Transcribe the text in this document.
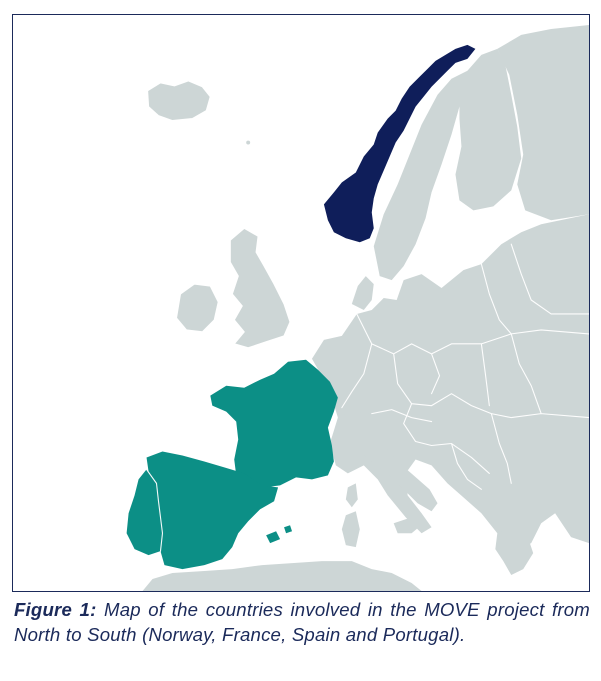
Figure 1: Map of the countries involved in the MOVE project from North to South (Norway, France, Spain and Portugal).
